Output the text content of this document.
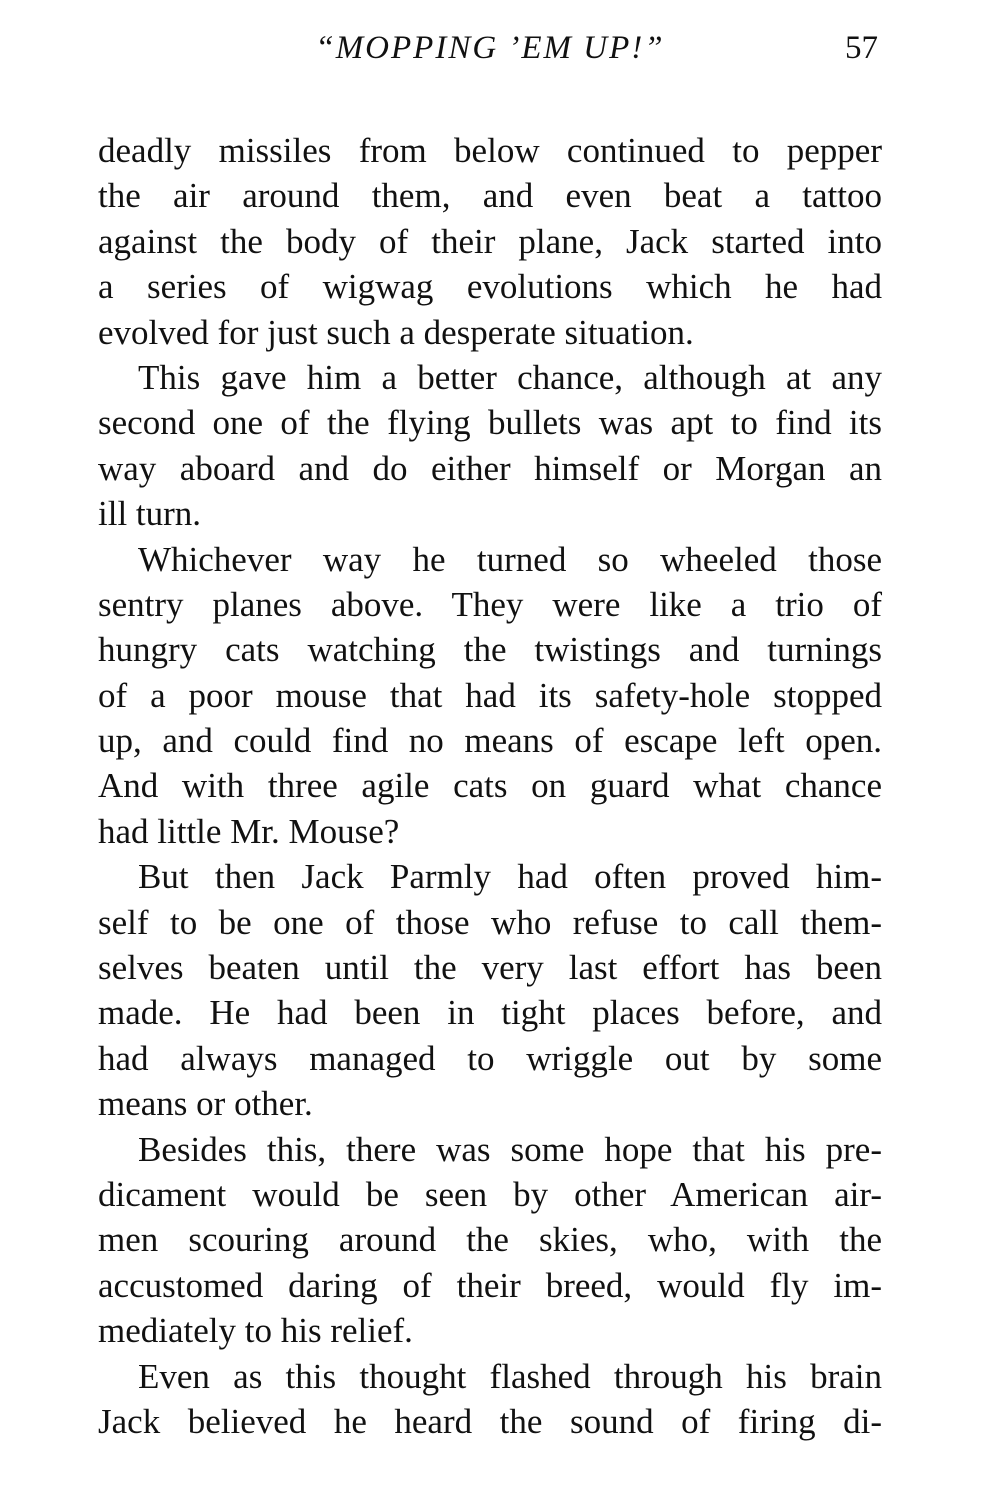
“MOPPING ’EM UP!”	57
deadly missiles from below continued to pepper
the air around them, and even beat a tattoo
against the body of their plane, Jack started into
a series of wigwag evolutions which he had
evolved for just such a desperate situation.
This gave him a better chance, although at any
second one of the flying bullets was apt to find its
way aboard and do either himself or Morgan an
ill turn.
Whichever way he turned so wheeled those
sentry planes above. They were like a trio of
hungry cats watching the twistings and turnings
of a poor mouse that had its safety-hole stopped
up, and could find no means of escape left open.
And with three agile cats on guard what chance
had little Mr. Mouse?
But then Jack Parmly had often proved him-
self to be one of those who refuse to call them-
selves beaten until the very last effort has been
made. He had been in tight places before, and
had always managed to wriggle out by some
means or other.
Besides this, there was some hope that his pre-
dicament would be seen by other American air-
men scouring around the skies, who, with the
accustomed daring of their breed, would fly im-
mediately to his relief.
Even as this thought flashed through his brain
Jack believed he heard the sound of firing di-
